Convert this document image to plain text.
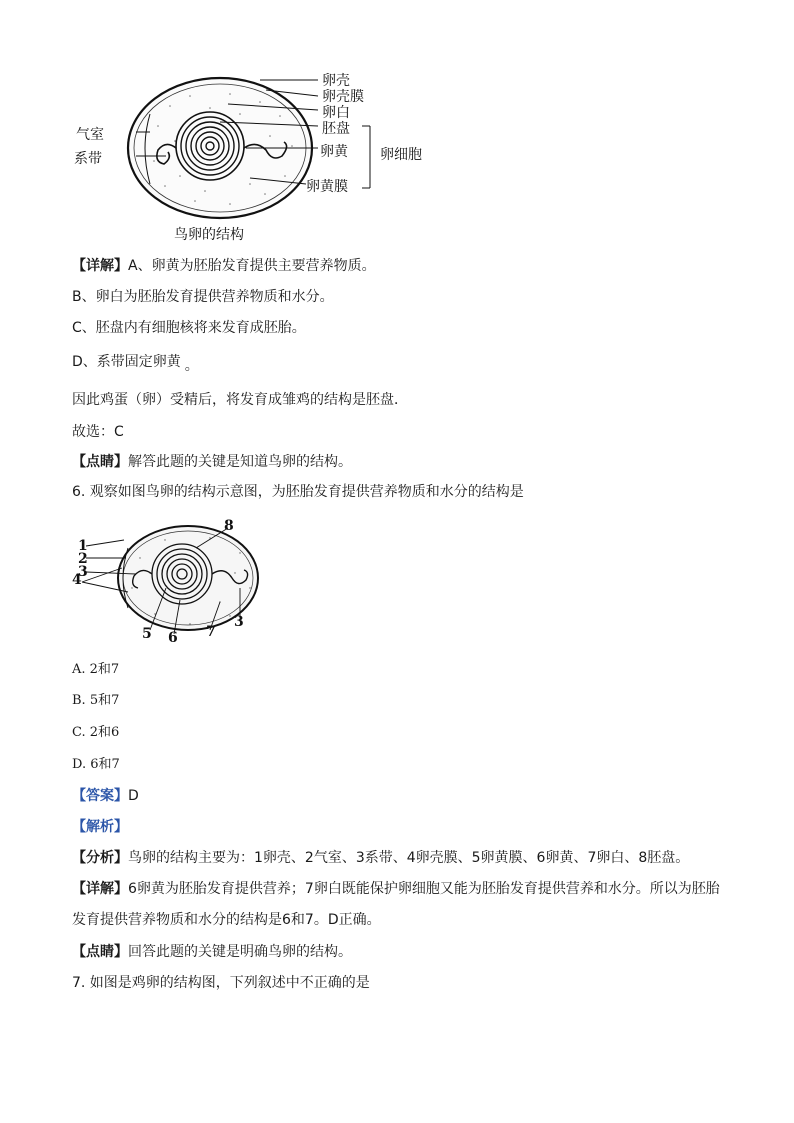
卵壳
卵壳膜
卵白
胚盘
卵黄
卵黄膜
卵细胞
气室
系带
鸟卵的结构
【详解】A、卵黄为胚胎发育提供主要营养物质。
B、卵白为胚胎发育提供营养物质和水分。
C、胚盘内有细胞核将来发育成胚胎。
D、系带固定卵黄 。
因此鸡蛋（卵）受精后，将发育成雏鸡的结构是胚盘．
故选：C
【点睛】解答此题的关键是知道鸟卵的结构。
6. 观察如图鸟卵的结构示意图，为胚胎发育提供营养物质和水分的结构是
1
2
3
4
5 6 7
8
3
A. 2和7
B. 5和7
C. 2和6
D. 6和7
【答案】D
【解析】
【分析】鸟卵的结构主要为：1卵壳、2气室、3系带、4卵壳膜、5卵黄膜、6卵黄、7卵白、8胚盘。
【详解】6卵黄为胚胎发育提供营养；7卵白既能保护卵细胞又能为胚胎发育提供营养和水分。所以为胚胎发育提供营养物质和水分的结构是6和7。D正确。
【点睛】回答此题的关键是明确鸟卵的结构。
7. 如图是鸡卵的结构图，下列叙述中不正确的是
